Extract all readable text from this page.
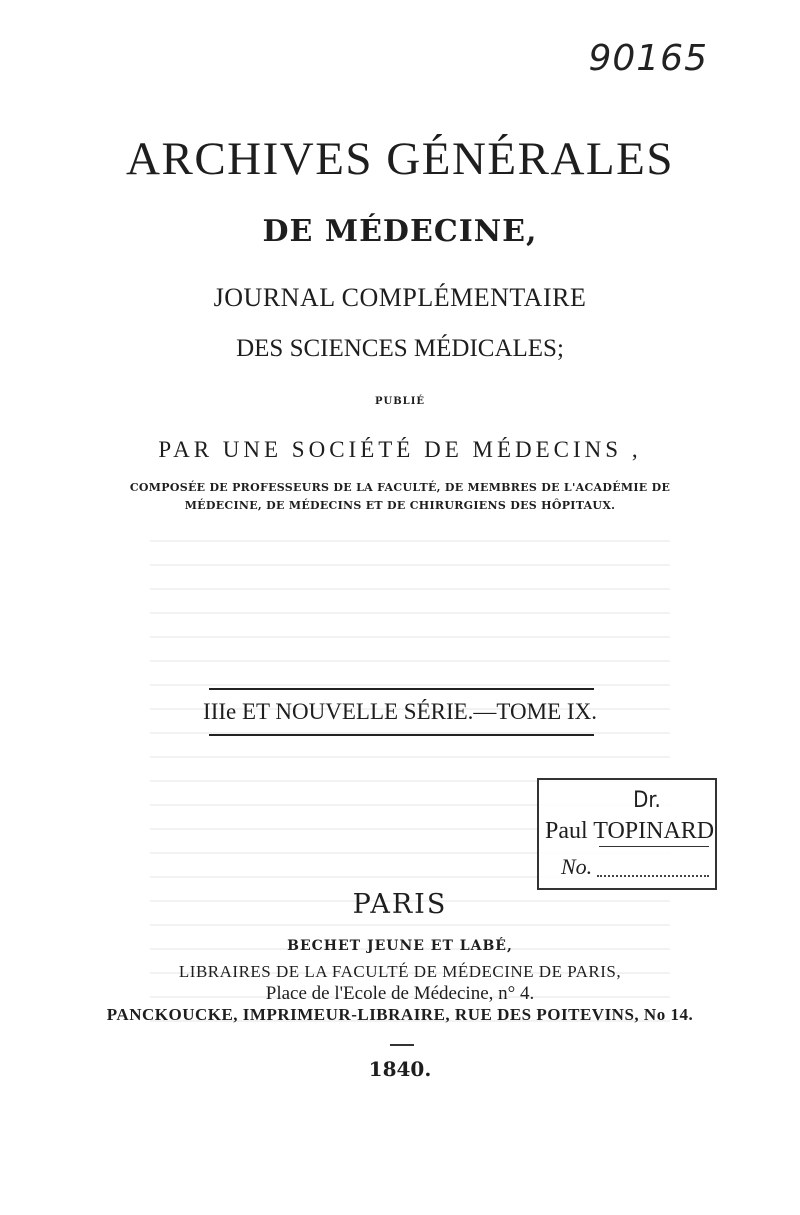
90165
ARCHIVES GÉNÉRALES
DE MÉDECINE,
JOURNAL COMPLÉMENTAIRE
DES SCIENCES MÉDICALES;
PUBLIÉ
PAR UNE SOCIÉTÉ DE MÉDECINS ,
COMPOSÉE DE PROFESSEURS DE LA FACULTÉ, DE MEMBRES DE L'ACADÉMIE DE
MÉDECINE, DE MÉDECINS ET DE CHIRURGIENS DES HÔPITAUX.
IIIe ET NOUVELLE SÉRIE.—TOME IX.
Dr.
Paul TOPINARD
No.
PARIS
BECHET JEUNE ET LABÉ,
LIBRAIRES DE LA FACULTÉ DE MÉDECINE DE PARIS,
Place de l'Ecole de Médecine, n° 4.
PANCKOUCKE, IMPRIMEUR-LIBRAIRE, RUE DES POITEVINS, No 14.
1840.
